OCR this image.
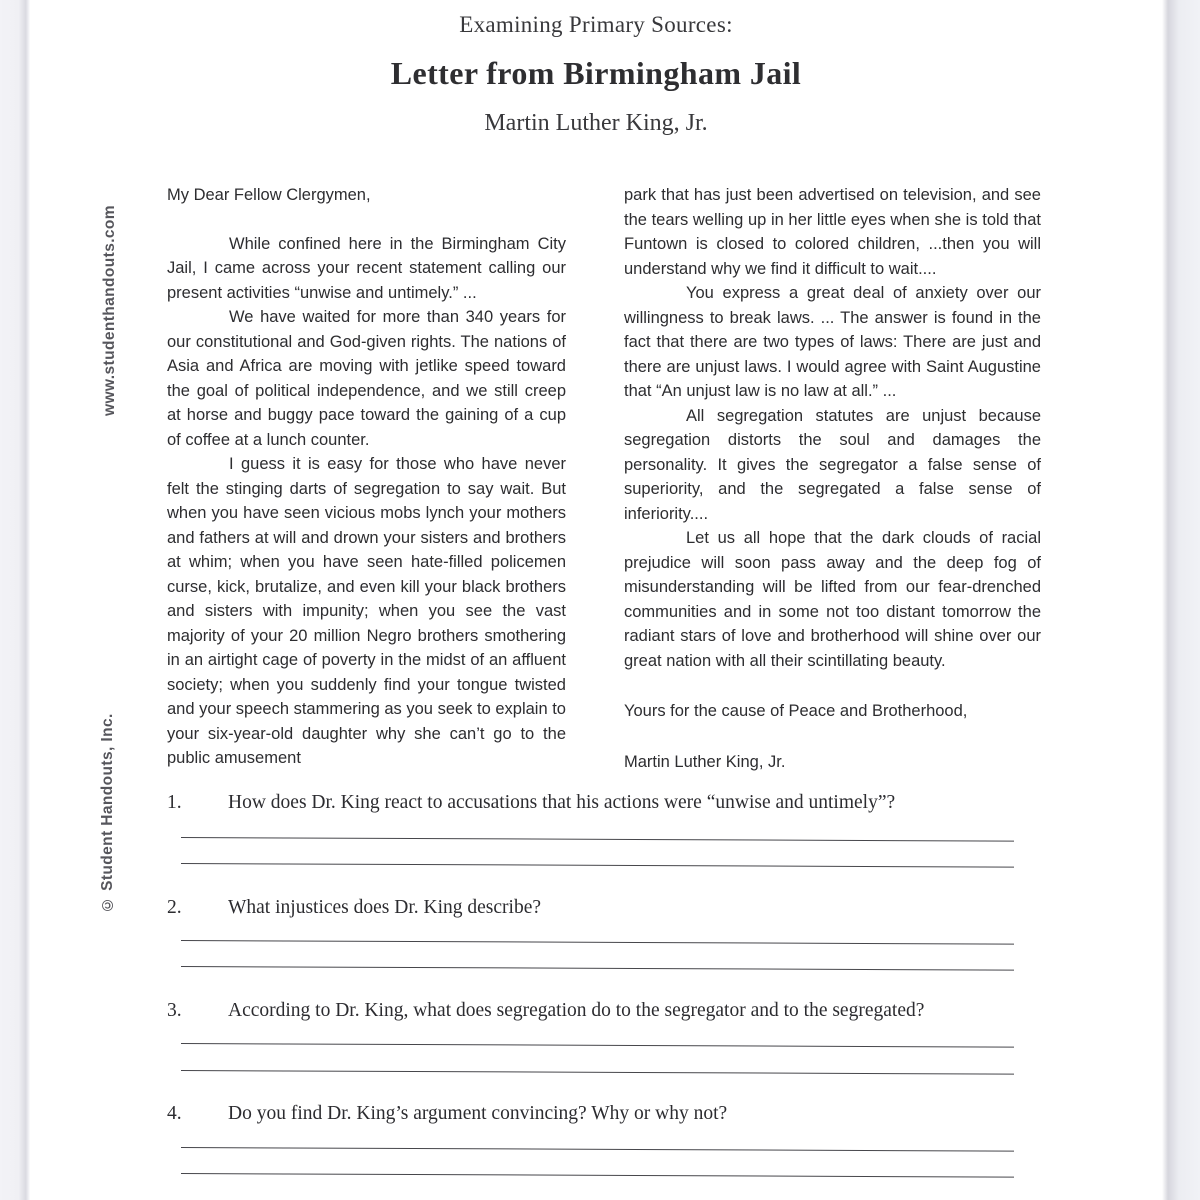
www.studenthandouts.com
© Student Handouts, Inc.
Examining Primary Sources:
Letter from Birmingham Jail
Martin Luther King, Jr.

My Dear Fellow Clergymen,

While confined here in the Birmingham City Jail, I came across your recent statement calling our present activities “unwise and untimely.” ...

We have waited for more than 340 years for our constitutional and God-given rights. The nations of Asia and Africa are moving with jetlike speed toward the goal of political independence, and we still creep at horse and buggy pace toward the gaining of a cup of coffee at a lunch counter.

I guess it is easy for those who have never felt the stinging darts of segregation to say wait. But when you have seen vicious mobs lynch your mothers and fathers at will and drown your sisters and brothers at whim; when you have seen hate-filled policemen curse, kick, brutalize, and even kill your black brothers and sisters with impunity; when you see the vast majority of your 20 million Negro brothers smothering in an airtight cage of poverty in the midst of an affluent society; when you suddenly find your tongue twisted and your speech stammering as you seek to explain to your six-year-old daughter why she can’t go to the public amusement

park that has just been advertised on television, and see the tears welling up in her little eyes when she is told that Funtown is closed to colored children, ...then you will understand why we find it difficult to wait....

You express a great deal of anxiety over our willingness to break laws. ... The answer is found in the fact that there are two types of laws: There are just and there are unjust laws. I would agree with Saint Augustine that “An unjust law is no law at all.” ...

All segregation statutes are unjust because segregation distorts the soul and damages the personality. It gives the segregator a false sense of superiority, and the segregated a false sense of inferiority....

Let us all hope that the dark clouds of racial prejudice will soon pass away and the deep fog of misunderstanding will be lifted from our fear-drenched communities and in some not too distant tomorrow the radiant stars of love and brotherhood will shine over our great nation with all their scintillating beauty.

Yours for the cause of Peace and Brotherhood,

Martin Luther King, Jr.

1. How does Dr. King react to accusations that his actions were “unwise and untimely”?
2. What injustices does Dr. King describe?
3. According to Dr. King, what does segregation do to the segregator and to the segregated?
4. Do you find Dr. King’s argument convincing? Why or why not?
